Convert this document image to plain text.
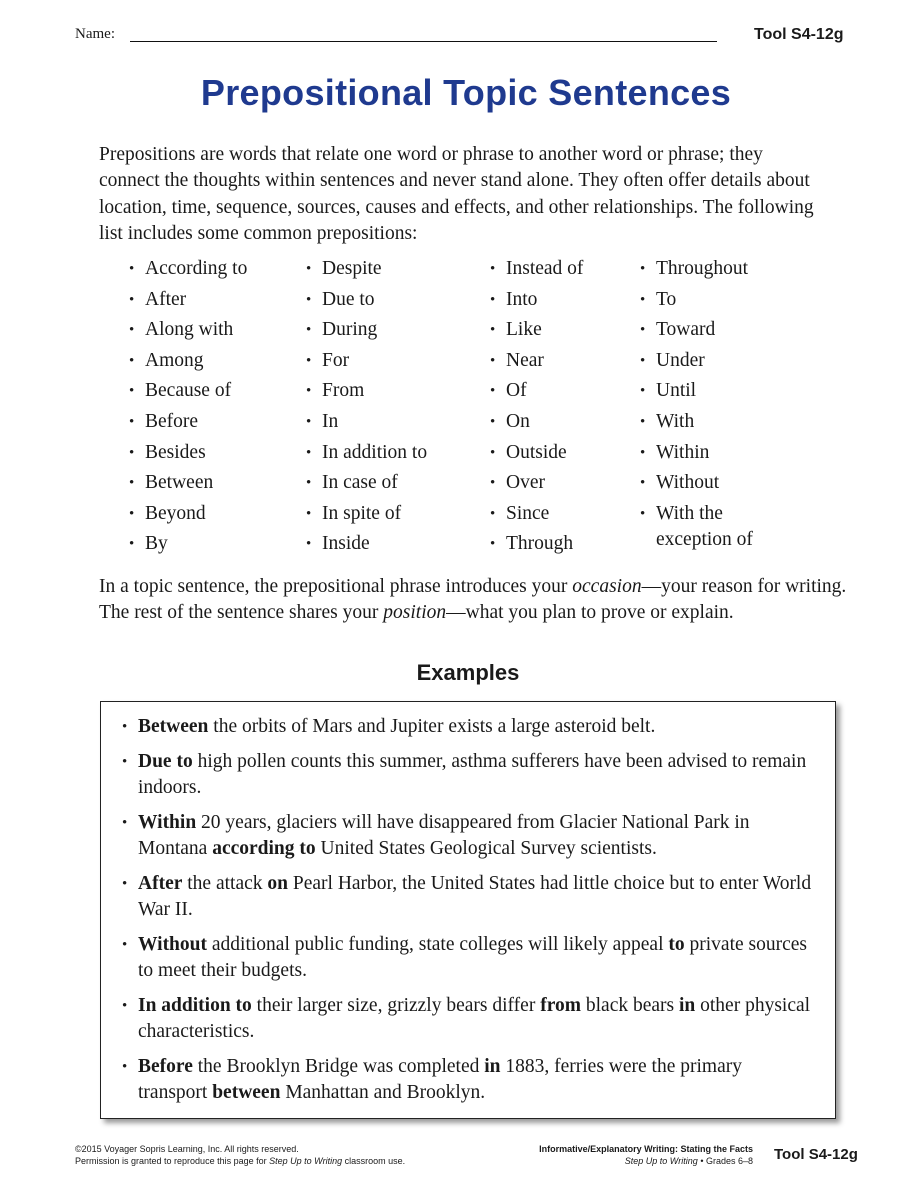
Name:	Tool S4-12g
Prepositional Topic Sentences

Prepositions are words that relate one word or phrase to another word or phrase; they connect the thoughts within sentences and never stand alone. They often offer details about location, time, sequence, sources, causes and effects, and other relationships. The following list includes some common prepositions:

• According to
• After
• Along with
• Among
• Because of
• Before
• Besides
• Between
• Beyond
• By
• Despite
• Due to
• During
• For
• From
• In
• In addition to
• In case of
• In spite of
• Inside
• Instead of
• Into
• Like
• Near
• Of
• On
• Outside
• Over
• Since
• Through
• Throughout
• To
• Toward
• Under
• Until
• With
• Within
• Without
• With the exception of

In a topic sentence, the prepositional phrase introduces your occasion—your reason for writing. The rest of the sentence shares your position—what you plan to prove or explain.

Examples
• Between the orbits of Mars and Jupiter exists a large asteroid belt.
• Due to high pollen counts this summer, asthma sufferers have been advised to remain indoors.
• Within 20 years, glaciers will have disappeared from Glacier National Park in Montana according to United States Geological Survey scientists.
• After the attack on Pearl Harbor, the United States had little choice but to enter World War II.
• Without additional public funding, state colleges will likely appeal to private sources to meet their budgets.
• In addition to their larger size, grizzly bears differ from black bears in other physical characteristics.
• Before the Brooklyn Bridge was completed in 1883, ferries were the primary transport between Manhattan and Brooklyn.
©2015 Voyager Sopris Learning, Inc. All rights reserved.
Permission is granted to reproduce this page for Step Up to Writing classroom use.
Informative/Explanatory Writing: Stating the Facts
Step Up to Writing • Grades 6–8 Tool S4-12g
